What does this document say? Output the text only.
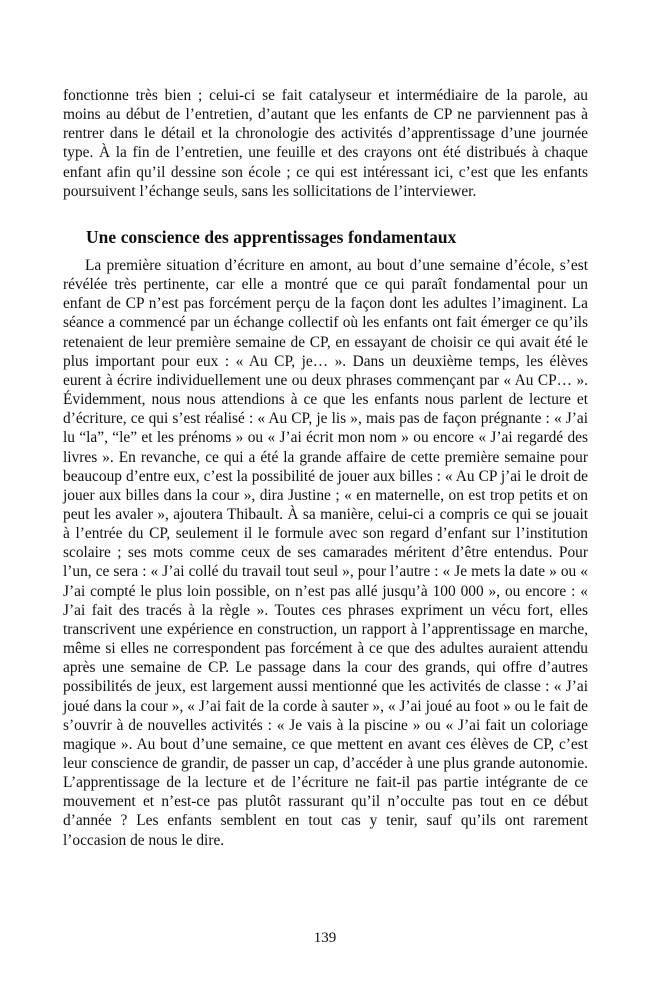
fonctionne très bien ; celui-ci se fait catalyseur et intermédiaire de la parole, au moins au début de l’entretien, d’autant que les enfants de CP ne parviennent pas à rentrer dans le détail et la chronologie des activités d’apprentissage d’une journée type. À la fin de l’entretien, une feuille et des crayons ont été distribués à chaque enfant afin qu’il dessine son école ; ce qui est intéressant ici, c’est que les enfants poursuivent l’échange seuls, sans les sollicitations de l’interviewer.

Une conscience des apprentissages fondamentaux

La première situation d’écriture en amont, au bout d’une semaine d’école, s’est révélée très pertinente, car elle a montré que ce qui paraît fondamental pour un enfant de CP n’est pas forcément perçu de la façon dont les adultes l’imaginent. La séance a commencé par un échange collectif où les enfants ont fait émerger ce qu’ils retenaient de leur première semaine de CP, en essayant de choisir ce qui avait été le plus important pour eux : « Au CP, je… ». Dans un deuxième temps, les élèves eurent à écrire individuellement une ou deux phrases commençant par « Au CP… ». Évidemment, nous nous attendions à ce que les enfants nous parlent de lecture et d’écriture, ce qui s’est réalisé : « Au CP, je lis », mais pas de façon prégnante : « J’ai lu “la”, “le” et les prénoms » ou « J’ai écrit mon nom » ou encore « J’ai regardé des livres ». En revanche, ce qui a été la grande affaire de cette première semaine pour beaucoup d’entre eux, c’est la possibilité de jouer aux billes : « Au CP j’ai le droit de jouer aux billes dans la cour », dira Justine ; « en maternelle, on est trop petits et on peut les avaler », ajoutera Thibault. À sa manière, celui-ci a compris ce qui se jouait à l’entrée du CP, seulement il le formule avec son regard d’enfant sur l’institution scolaire ; ses mots comme ceux de ses camarades méritent d’être entendus. Pour l’un, ce sera : « J’ai collé du travail tout seul », pour l’autre : « Je mets la date » ou « J’ai compté le plus loin possible, on n’est pas allé jusqu’à 100 000 », ou encore : « J’ai fait des tracés à la règle ». Toutes ces phrases expriment un vécu fort, elles transcrivent une expérience en construction, un rapport à l’apprentissage en marche, même si elles ne correspondent pas forcément à ce que des adultes auraient attendu après une semaine de CP. Le passage dans la cour des grands, qui offre d’autres possibilités de jeux, est largement aussi mentionné que les activités de classe : « J’ai joué dans la cour », « J’ai fait de la corde à sauter », « J’ai joué au foot » ou le fait de s’ouvrir à de nouvelles activités : « Je vais à la piscine » ou « J’ai fait un coloriage magique ». Au bout d’une semaine, ce que mettent en avant ces élèves de CP, c’est leur conscience de grandir, de passer un cap, d’accéder à une plus grande autonomie. L’apprentissage de la lecture et de l’écriture ne fait-il pas partie intégrante de ce mouvement et n’est-ce pas plutôt rassurant qu’il n’occulte pas tout en ce début d’année ? Les enfants semblent en tout cas y tenir, sauf qu’ils ont rarement l’occasion de nous le dire.

139
